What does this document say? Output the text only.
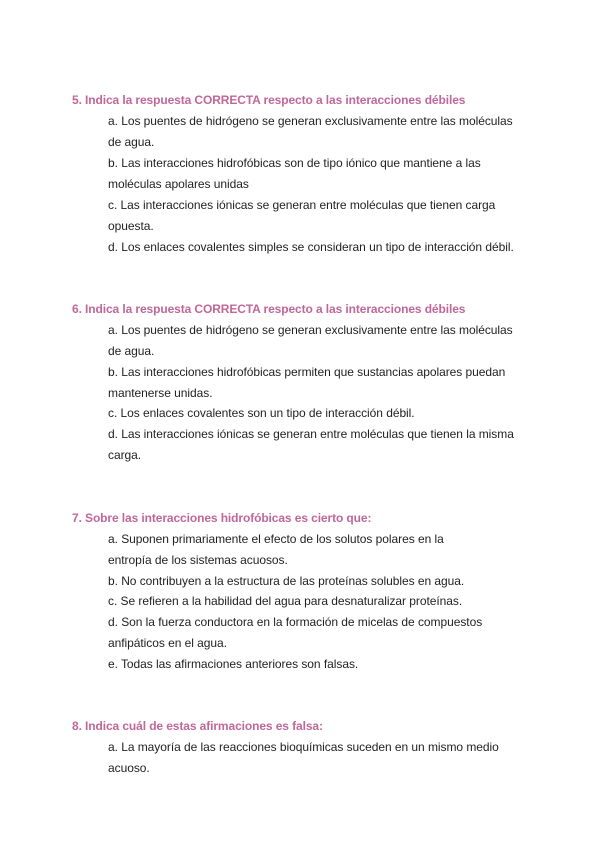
5. Indica la respuesta CORRECTA respecto a las interacciones débiles
a. Los puentes de hidrógeno se generan exclusivamente entre las moléculas
de agua.
b. Las interacciones hidrofóbicas son de tipo iónico que mantiene a las
moléculas apolares unidas
c. Las interacciones iónicas se generan entre moléculas que tienen carga
opuesta.
d. Los enlaces covalentes simples se consideran un tipo de interacción débil.
6. Indica la respuesta CORRECTA respecto a las interacciones débiles
a. Los puentes de hidrógeno se generan exclusivamente entre las moléculas
de agua.
b. Las interacciones hidrofóbicas permiten que sustancias apolares puedan
mantenerse unidas.
c. Los enlaces covalentes son un tipo de interacción débil.
d. Las interacciones iónicas se generan entre moléculas que tienen la misma
carga.
7. Sobre las interacciones hidrofóbicas es cierto que:
a. Suponen primariamente el efecto de los solutos polares en la
entropía de los sistemas acuosos.
b. No contribuyen a la estructura de las proteínas solubles en agua.
c. Se refieren a la habilidad del agua para desnaturalizar proteínas.
d. Son la fuerza conductora en la formación de micelas de compuestos
anfipáticos en el agua.
e. Todas las afirmaciones anteriores son falsas.
8. Indica cuál de estas afirmaciones es falsa:
a. La mayoría de las reacciones bioquímicas suceden en un mismo medio
acuoso.
